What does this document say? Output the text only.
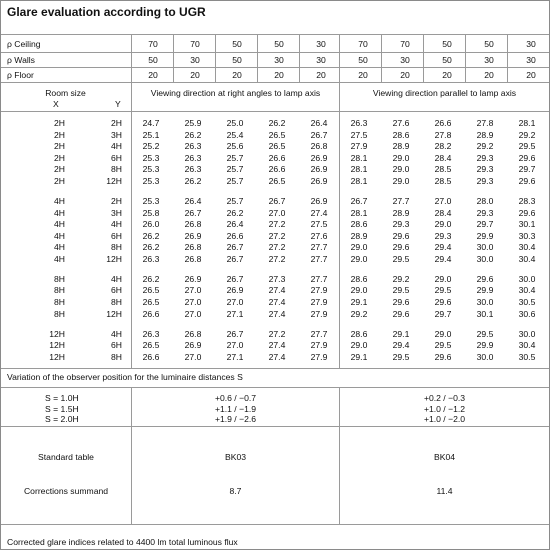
Glare evaluation according to UGR
ρ Ceiling	70	70	50	50	30	70	70	50	50	30
ρ Walls	50	30	50	30	30	50	30	50	30	30
ρ Floor	20	20	20	20	20	20	20	20	20	20
Room size
X	Y
Viewing direction at right angles to lamp axis	Viewing direction parallel to lamp axis
2H	2H	24.7	25.9	25.0	26.2	26.4	26.3	27.6	26.6	27.8	28.1
2H	3H	25.1	26.2	25.4	26.5	26.7	27.5	28.6	27.8	28.9	29.2
2H	4H	25.2	26.3	25.6	26.5	26.8	27.9	28.9	28.2	29.2	29.5
2H	6H	25.3	26.3	25.7	26.6	26.9	28.1	29.0	28.4	29.3	29.6
2H	8H	25.3	26.3	25.7	26.6	26.9	28.1	29.0	28.5	29.3	29.7
2H	12H	25.3	26.2	25.7	26.5	26.9	28.1	29.0	28.5	29.3	29.6
4H	2H	25.3	26.4	25.7	26.7	26.9	26.7	27.7	27.0	28.0	28.3
4H	3H	25.8	26.7	26.2	27.0	27.4	28.1	28.9	28.4	29.3	29.6
4H	4H	26.0	26.8	26.4	27.2	27.5	28.6	29.3	29.0	29.7	30.1
4H	6H	26.2	26.9	26.6	27.2	27.6	28.9	29.6	29.3	29.9	30.3
4H	8H	26.2	26.8	26.7	27.2	27.7	29.0	29.6	29.4	30.0	30.4
4H	12H	26.3	26.8	26.7	27.2	27.7	29.0	29.5	29.4	30.0	30.4
8H	4H	26.2	26.9	26.7	27.3	27.7	28.6	29.2	29.0	29.6	30.0
8H	6H	26.5	27.0	26.9	27.4	27.9	29.0	29.5	29.5	29.9	30.4
8H	8H	26.5	27.0	27.0	27.4	27.9	29.1	29.6	29.6	30.0	30.5
8H	12H	26.6	27.0	27.1	27.4	27.9	29.2	29.6	29.7	30.1	30.6
12H	4H	26.3	26.8	26.7	27.2	27.7	28.6	29.1	29.0	29.5	30.0
12H	6H	26.5	26.9	27.0	27.4	27.9	29.0	29.4	29.5	29.9	30.4
12H	8H	26.6	27.0	27.1	27.4	27.9	29.1	29.5	29.6	30.0	30.5
Variation of the observer position for the luminaire distances S
S = 1.0H	+0.6 / −0.7	+0.2 / −0.3
S = 1.5H	+1.1 / −1.9	+1.0 / −1.2
S = 2.0H	+1.9 / −2.6	+1.0 / −2.0
Standard table	BK03	BK04
Corrections summand	8.7	11.4
Corrected glare indices related to 4400 lm total luminous flux
